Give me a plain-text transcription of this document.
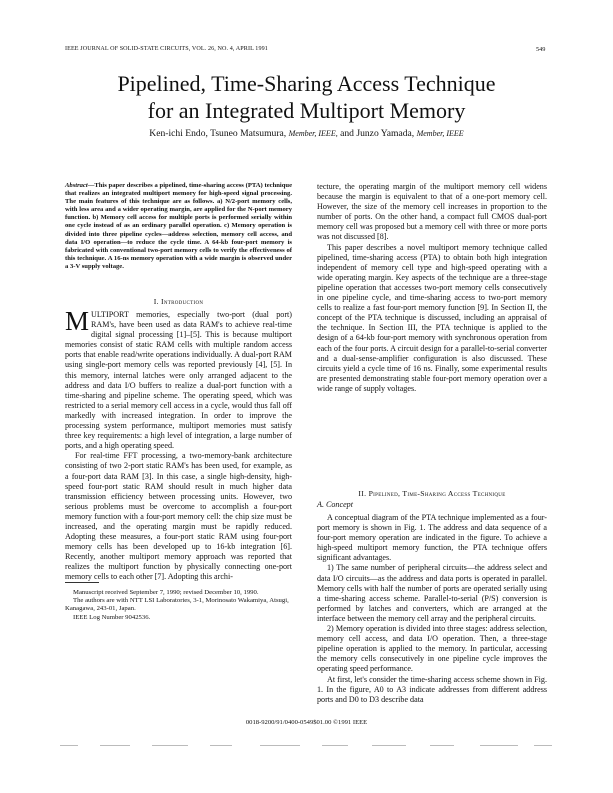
IEEE JOURNAL OF SOLID-STATE CIRCUITS, VOL. 26, NO. 4, APRIL 1991	549
Pipelined, Time-Sharing Access Technique
for an Integrated Multiport Memory
Ken-ichi Endo, Tsuneo Matsumura, Member, IEEE, and Junzo Yamada, Member, IEEE
Abstract—This paper describes a pipelined, time-sharing access (PTA) technique that realizes an integrated multiport memory for high-speed signal processing. The main features of this technique are as follows. a) N/2-port memory cells, with less area and a wider operating margin, are applied for the N-port memory function. b) Memory cell access for multiple ports is performed serially within one cycle instead of as an ordinary parallel operation. c) Memory operation is divided into three pipeline cycles—address selection, memory cell access, and data I/O operation—to reduce the cycle time. A 64-kb four-port memory is fabricated with conventional two-port memory cells to verify the effectiveness of this technique. A 16-ns memory operation with a wide margin is observed under a 3-V supply voltage.
I. Introduction

MULTIPORT memories, especially two-port (dual port) RAM's, have been used as data RAM's to achieve real-time digital signal processing [1]–[5]. This is because multiport memories consist of static RAM cells with multiple random access ports that enable read/write operations individually. A dual-port RAM using single-port memory cells was reported previously [4], [5]. In this memory, internal latches were only arranged adjacent to the address and data I/O buffers to realize a dual-port function with a time-sharing and pipeline scheme. The operating speed, which was restricted to a serial memory cell access in a cycle, would thus fall off markedly with increased integration. In order to improve the processing system performance, multiport memories must satisfy three key requirements: a high level of integration, a large number of ports, and a high operating speed.

For real-time FFT processing, a two-memory-bank architecture consisting of two 2-port static RAM's has been used, for example, as a four-port data RAM [3]. In this case, a single high-density, high-speed four-port static RAM should result in much higher data transmission efficiency between processing units. However, two serious problems must be overcome to accomplish a four-port memory function with a four-port memory cell: the chip size must be increased, and the operating margin must be rapidly reduced. Adopting these measures, a four-port static RAM using four-port memory cells has been developed up to 16-kb integration [6]. Recently, another multiport memory approach was reported that realizes the multiport function by physically connecting one-port memory cells to each other [7]. Adopting this archi-

Manuscript received September 7, 1990; revised December 10, 1990.

The authors are with NTT LSI Laboratories, 3-1, Morinosato Wakamiya, Atsugi, Kanagawa, 243-01, Japan.

IEEE Log Number 9042536.

tecture, the operating margin of the multiport memory cell widens because the margin is equivalent to that of a one-port memory cell. However, the size of the memory cell increases in proportion to the number of ports. On the other hand, a compact full CMOS dual-port memory cell was proposed but a memory cell with three or more ports was not discussed [8].

This paper describes a novel multiport memory technique called pipelined, time-sharing access (PTA) to obtain both high integration independent of memory cell type and high-speed operating with a wide operating margin. Key aspects of the technique are a three-stage pipeline operation that accesses two-port memory cells consecutively in one pipeline cycle, and time-sharing access to two-port memory cells to realize a fast four-port memory function [9]. In Section II, the concept of the PTA technique is discussed, including an appraisal of the technique. In Section III, the PTA technique is applied to the design of a 64-kb four-port memory with synchronous operation from each of the four ports. A circuit design for a parallel-to-serial converter and a dual-sense-amplifier configuration is also discussed. These circuits yield a cycle time of 16 ns. Finally, some experimental results are presented demonstrating stable four-port memory operation over a wide range of supply voltages.

II. Pipelined, Time-Sharing Access Technique
A. Concept

A conceptual diagram of the PTA technique implemented as a four-port memory is shown in Fig. 1. The address and data sequence of a four-port memory operation are indicated in the figure. To achieve a high-speed multiport memory function, the PTA technique offers significant advantages.

1) The same number of peripheral circuits—the address select and data I/O circuits—as the address and data ports is operated in parallel. Memory cells with half the number of ports are operated serially using a time-sharing access scheme. Parallel-to-serial (P/S) conversion is performed by latches and converters, which are arranged at the interface between the memory cell array and the peripheral circuits.

2) Memory operation is divided into three stages: address selection, memory cell access, and data I/O operation. Then, a three-stage pipeline operation is applied to the memory. In particular, accessing the memory cells consecutively in one pipeline cycle improves the operating speed performance.

At first, let's consider the time-sharing access scheme shown in Fig. 1. In the figure, A0 to A3 indicate addresses from different address ports and D0 to D3 describe data

0018-9200/91/0400-0549$01.00 ©1991 IEEE
